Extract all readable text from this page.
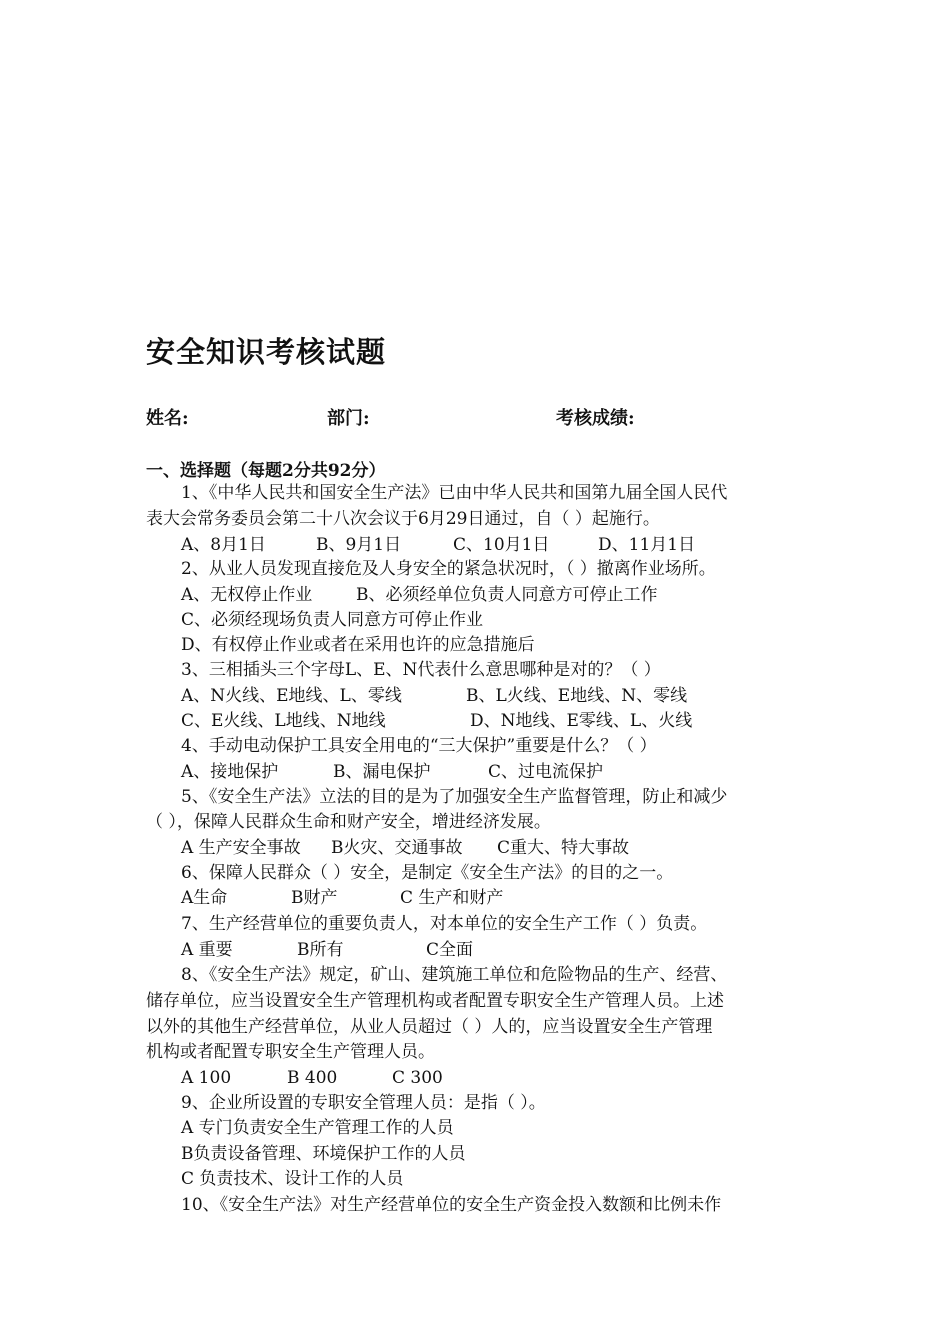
安全知识考核试题
姓名:	部门:	考核成绩:
一、选择题（每题2分共92分）
1、《中华人民共和国安全生产法》已由中华人民共和国第九届全国人民代
表大会常务委员会第二十八次会议于6月29日通过，自（ ）起施行。
A、8月1日	B、9月1日	C、10月1日	D、11月1日
2、从业人员发现直接危及人身安全的紧急状况时，（ ）撤离作业场所。
A、无权停止作业	B、必须经单位负责人同意方可停止工作
C、必须经现场负责人同意方可停止作业
D、有权停止作业或者在采用也许的应急措施后
3、三相插头三个字母L、E、N代表什么意思哪种是对的？（ ）
A、N火线、E地线、L、零线	B、L火线、E地线、N、零线
C、E火线、L地线、N地线	D、N地线、E零线、L、火线
4、手动电动保护工具安全用电的“三大保护”重要是什么？（ ）
A、接地保护	B、漏电保护	C、过电流保护
5、《安全生产法》立法的目的是为了加强安全生产监督管理，防止和减少
（ ），保障人民群众生命和财产安全，增进经济发展。
A 生产安全事故 B火灾、交通事故 C重大、特大事故
6、保障人民群众（ ）安全，是制定《安全生产法》的目的之一。
A生命	B财产	C 生产和财产
7、生产经营单位的重要负责人，对本单位的安全生产工作（ ）负责。
A 重要	B所有	C全面
8、《安全生产法》规定，矿山、建筑施工单位和危险物品的生产、经营、
储存单位，应当设置安全生产管理机构或者配置专职安全生产管理人员。上述
以外的其他生产经营单位，从业人员超过（ ）人的，应当设置安全生产管理
机构或者配置专职安全生产管理人员。
A 100	B 400	C 300
9、企业所设置的专职安全管理人员：是指（ ）。
A 专门负责安全生产管理工作的人员
B负责设备管理、环境保护工作的人员
C 负责技术、设计工作的人员
10、《安全生产法》对生产经营单位的安全生产资金投入数额和比例未作
